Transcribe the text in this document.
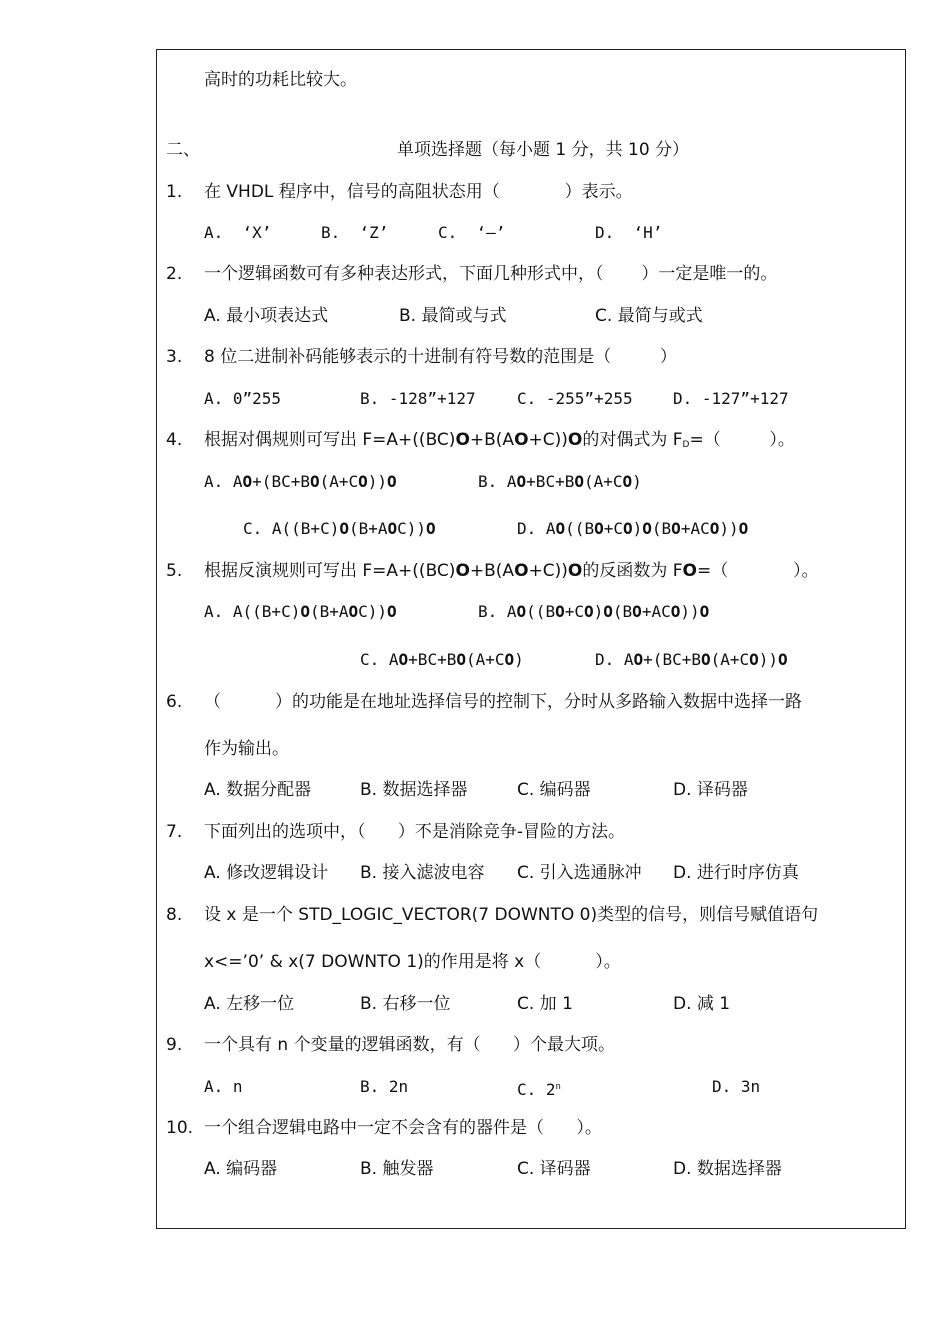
高时的功耗比较大。
二、	单项选择题（每小题 1 分，共 10 分）
1. 在 VHDL 程序中，信号的高阻状态用（            ）表示。
A.  ‘X’	B.  ‘Z’	C.  ‘—’	D.  ‘H’
2. 一个逻辑函数可有多种表达形式，下面几种形式中，（       ）一定是唯一的。
A. 最小项表达式	B. 最简或与式	C. 最简与或式
3. 8 位二进制补码能够表示的十进制有符号数的范围是（         ）
A. 0”255	B. -128”+127	C. -255”+255	D. -127”+127
4. 根据对偶规则可写出 F=A+((BC)O+B(AO+C))O的对偶式为 $F_D=$（         ）。
A. AO+(BC+BO(A+CO))O	B. AO+BC+BO(A+CO)
C. A((B+C)O(B+AOC))O	D. AO((BO+CO)O(BO+ACO))O
5. 根据反演规则可写出 F=A+((BC)O+B(AO+C))O的反函数为 FO=（            ）。
A. A((B+C)O(B+AOC))O	B. AO((BO+CO)O(BO+ACO))O
C. AO+BC+BO(A+CO)	D. AO+(BC+BO(A+CO))O
6. （          ）的功能是在地址选择信号的控制下，分时从多路输入数据中选择一路
作为输出。
A. 数据分配器	B. 数据选择器	C. 编码器	D. 译码器
7. 下面列出的选项中，（      ）不是消除竞争-冒险的方法。
A. 修改逻辑设计 B. 接入滤波电容 C. 引入选通脉冲 D. 进行时序仿真
8. 设 x 是一个 STD_LOGIC_VECTOR(7 DOWNTO 0)类型的信号，则信号赋值语句
x<=’0’ & x(7 DOWNTO 1)的作用是将 x（          ）。
A. 左移一位	B. 右移一位	C. 加 1	D. 减 1
9. 一个具有 n 个变量的逻辑函数，有（      ）个最大项。
A. n	B. 2n	C. 2$^n$	D. 3n
10. 一个组合逻辑电路中一定不会含有的器件是（      ）。
A. 编码器	B. 触发器	C. 译码器	D. 数据选择器
